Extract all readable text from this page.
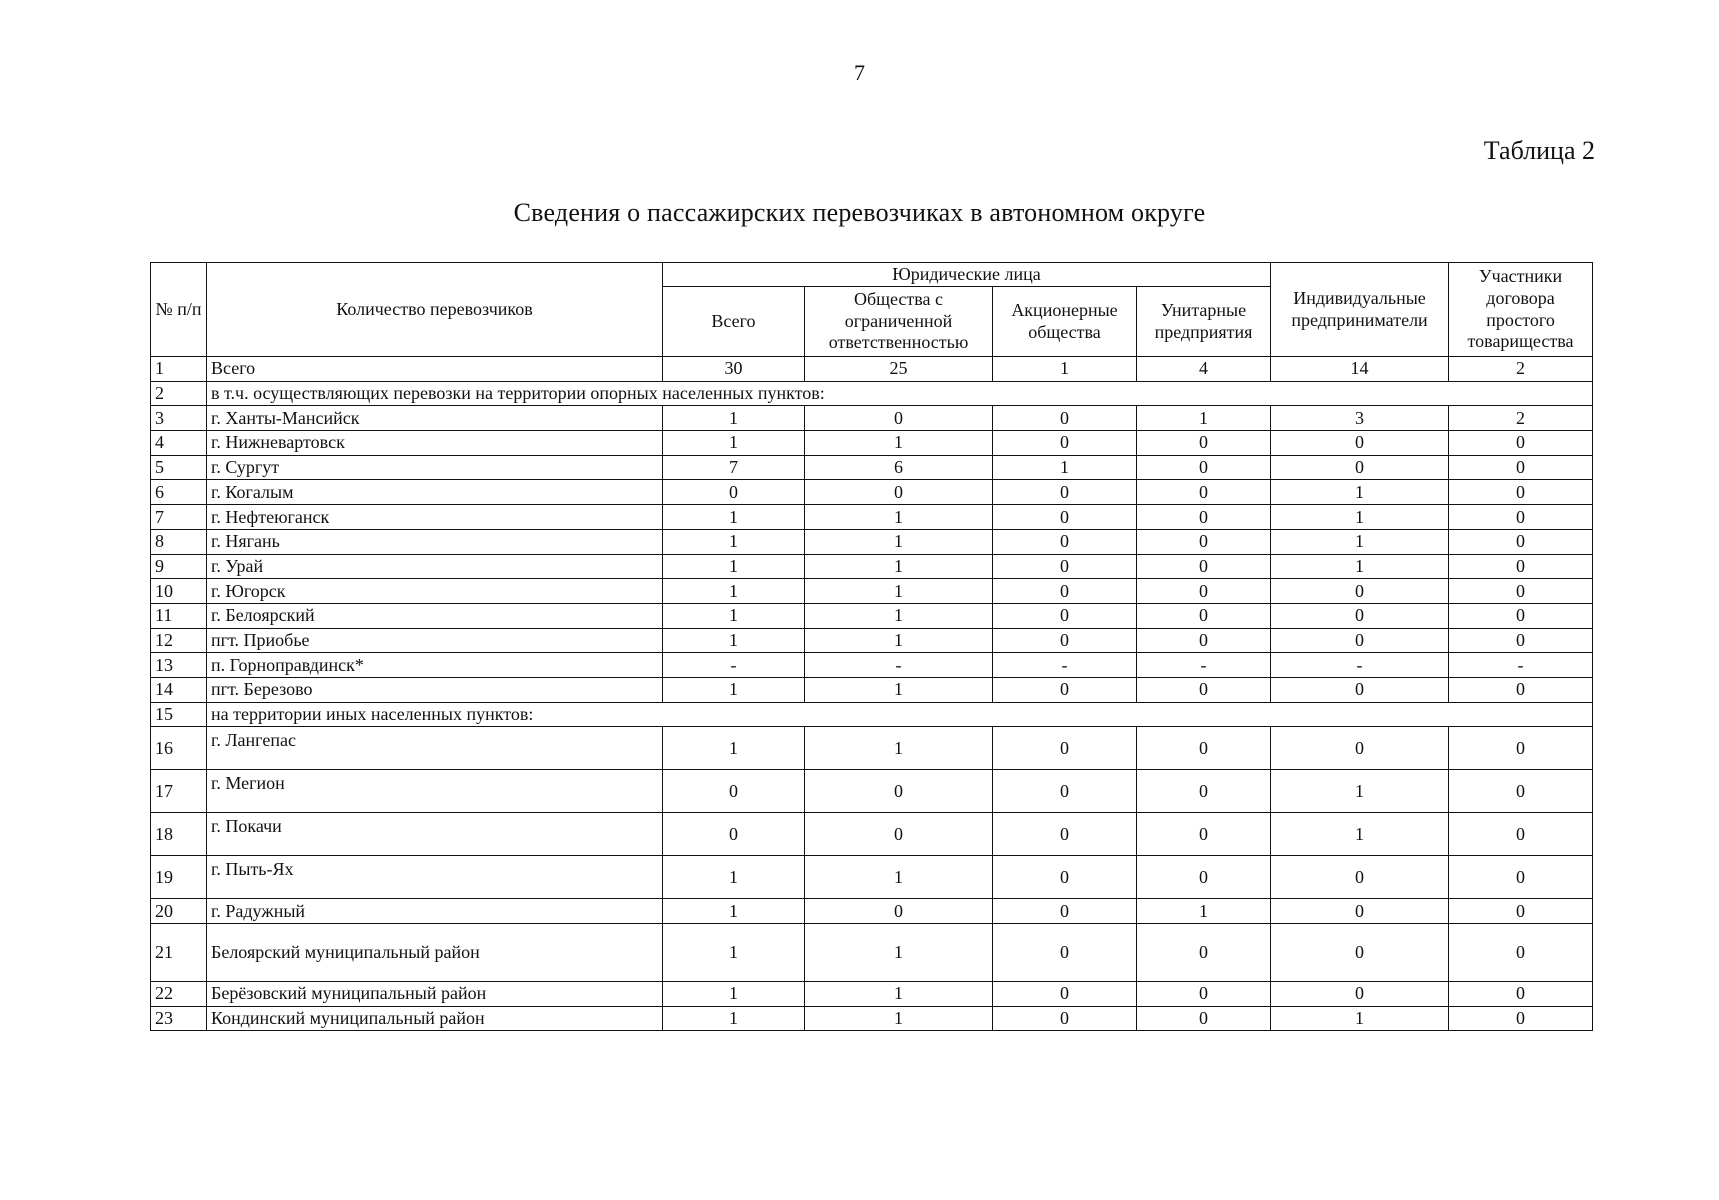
7
Таблица 2
Сведения о пассажирских перевозчиках в автономном округе
№ п/п	Количество перевозчиков	Юридические лица				Индивидуальные предприниматели	Участники договора простого товарищества
		Всего	Общества с ограниченной ответственностью	Акционерные общества	Унитарные предприятия		
1	Всего	30	25	1	4	14	2
2	в т.ч. осуществляющих перевозки на территории опорных населенных пунктов:						
3	г. Ханты-Мансийск	1	0	0	1	3	2
4	г. Нижневартовск	1	1	0	0	0	0
5	г. Сургут	7	6	1	0	0	0
6	г. Когалым	0	0	0	0	1	0
7	г. Нефтеюганск	1	1	0	0	1	0
8	г. Нягань	1	1	0	0	1	0
9	г. Урай	1	1	0	0	1	0
10	г. Югорск	1	1	0	0	0	0
11	г. Белоярский	1	1	0	0	0	0
12	пгт. Приобье	1	1	0	0	0	0
13	п. Горноправдинск*	-	-	-	-	-	-
14	пгт. Березово	1	1	0	0	0	0
15	на территории иных населенных пунктов:						
16	г. Лангепас	1	1	0	0	0	0
17	г. Мегион	0	0	0	0	1	0
18	г. Покачи	0	0	0	0	1	0
19	г. Пыть-Ях	1	1	0	0	0	0
20	г. Радужный	1	0	0	1	0	0
21	Белоярский муниципальный район	1	1	0	0	0	0
22	Берёзовский муниципальный район	1	1	0	0	0	0
23	Кондинский муниципальный район	1	1	0	0	1	0
